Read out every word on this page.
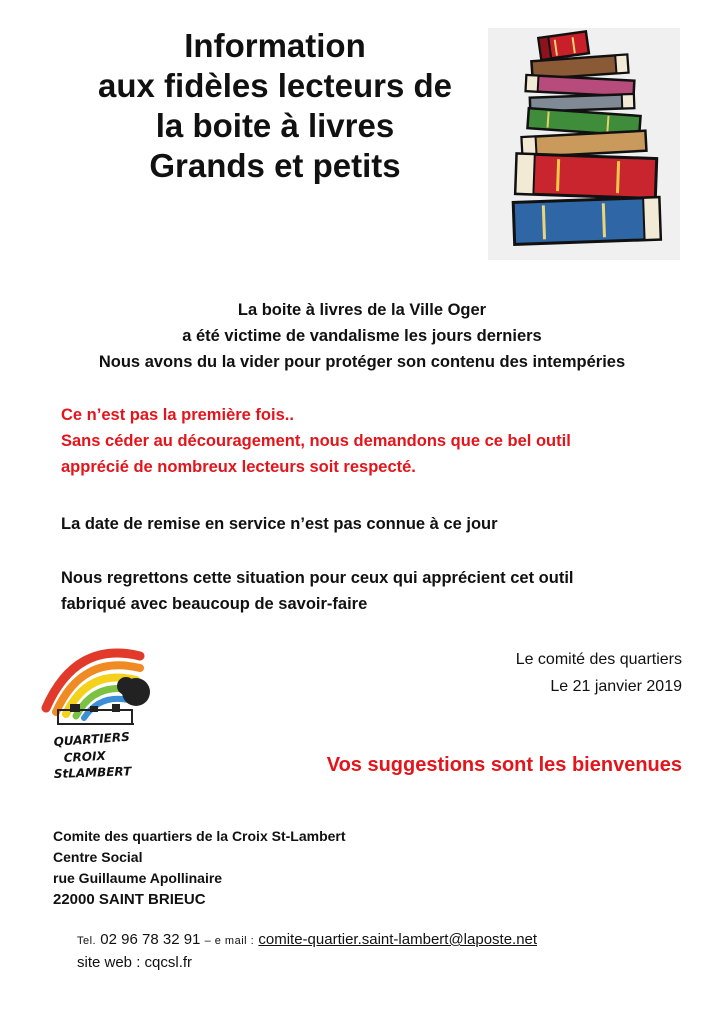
Information
aux fidèles lecteurs de
la boite à livres
Grands et petits
La boite à livres de la Ville Oger
a été victime de vandalisme les jours derniers
Nous avons du la vider pour protéger son contenu des intempéries
Ce n’est pas la première fois..
Sans céder au découragement, nous demandons que ce bel outil
apprécié de nombreux lecteurs soit respecté.
La date de remise en service n’est pas connue à ce jour
Nous regrettons cette situation pour ceux qui apprécient cet outil
fabriqué avec beaucoup de savoir-faire
QUARTIERS
CROIX
StLAMBERT
Le comité des quartiers
Le 21 janvier 2019
Vos suggestions sont les bienvenues
Comite des quartiers de la Croix St-Lambert
Centre Social
rue Guillaume Apollinaire
22000 SAINT BRIEUC
Tel. 02 96 78 32 91 – e mail : comite-quartier.saint-lambert@laposte.net
site web : cqcsl.fr
